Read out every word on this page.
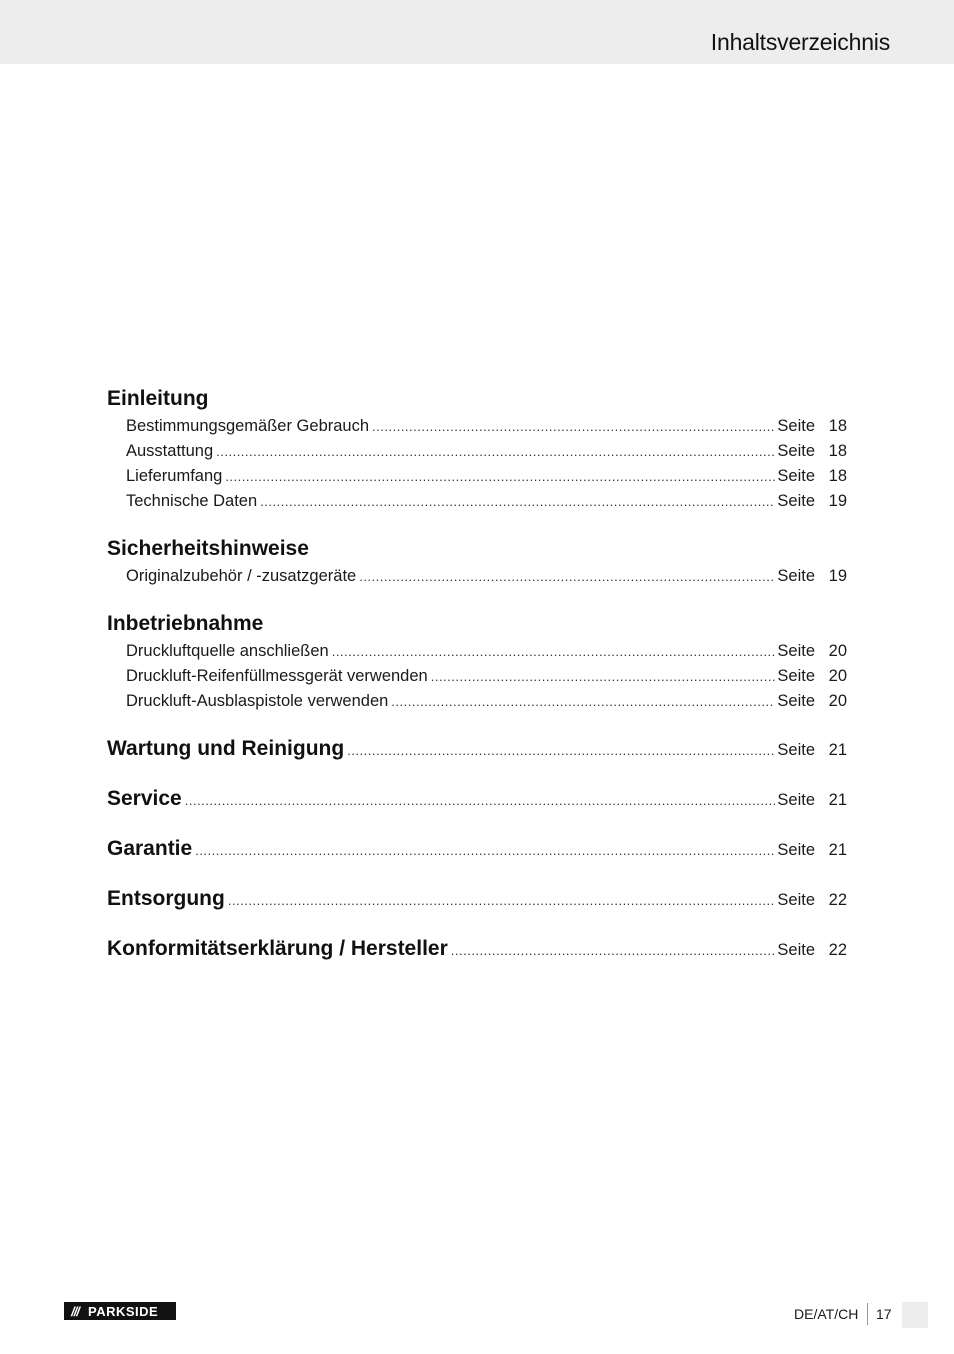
Inhaltsverzeichnis
Einleitung
Bestimmungsgemäßer Gebrauch .....	Seite 18
Ausstattung .....	Seite 18
Lieferumfang .....	Seite 18
Technische Daten .....	Seite 19
Sicherheitshinweise
Originalzubehör / -zusatzgeräte .....	Seite 19
Inbetriebnahme
Druckluftquelle anschließen .....	Seite 20
Druckluft-Reifenfüllmessgerät verwenden .....	Seite 20
Druckluft-Ausblaspistole verwenden .....	Seite 20
Wartung und Reinigung .....	Seite 21
Service .....	Seite 21
Garantie .....	Seite 21
Entsorgung .....	Seite 22
Konformitätserklärung / Hersteller .....	Seite 22
/// PARKSIDE	DE/AT/CH 17
